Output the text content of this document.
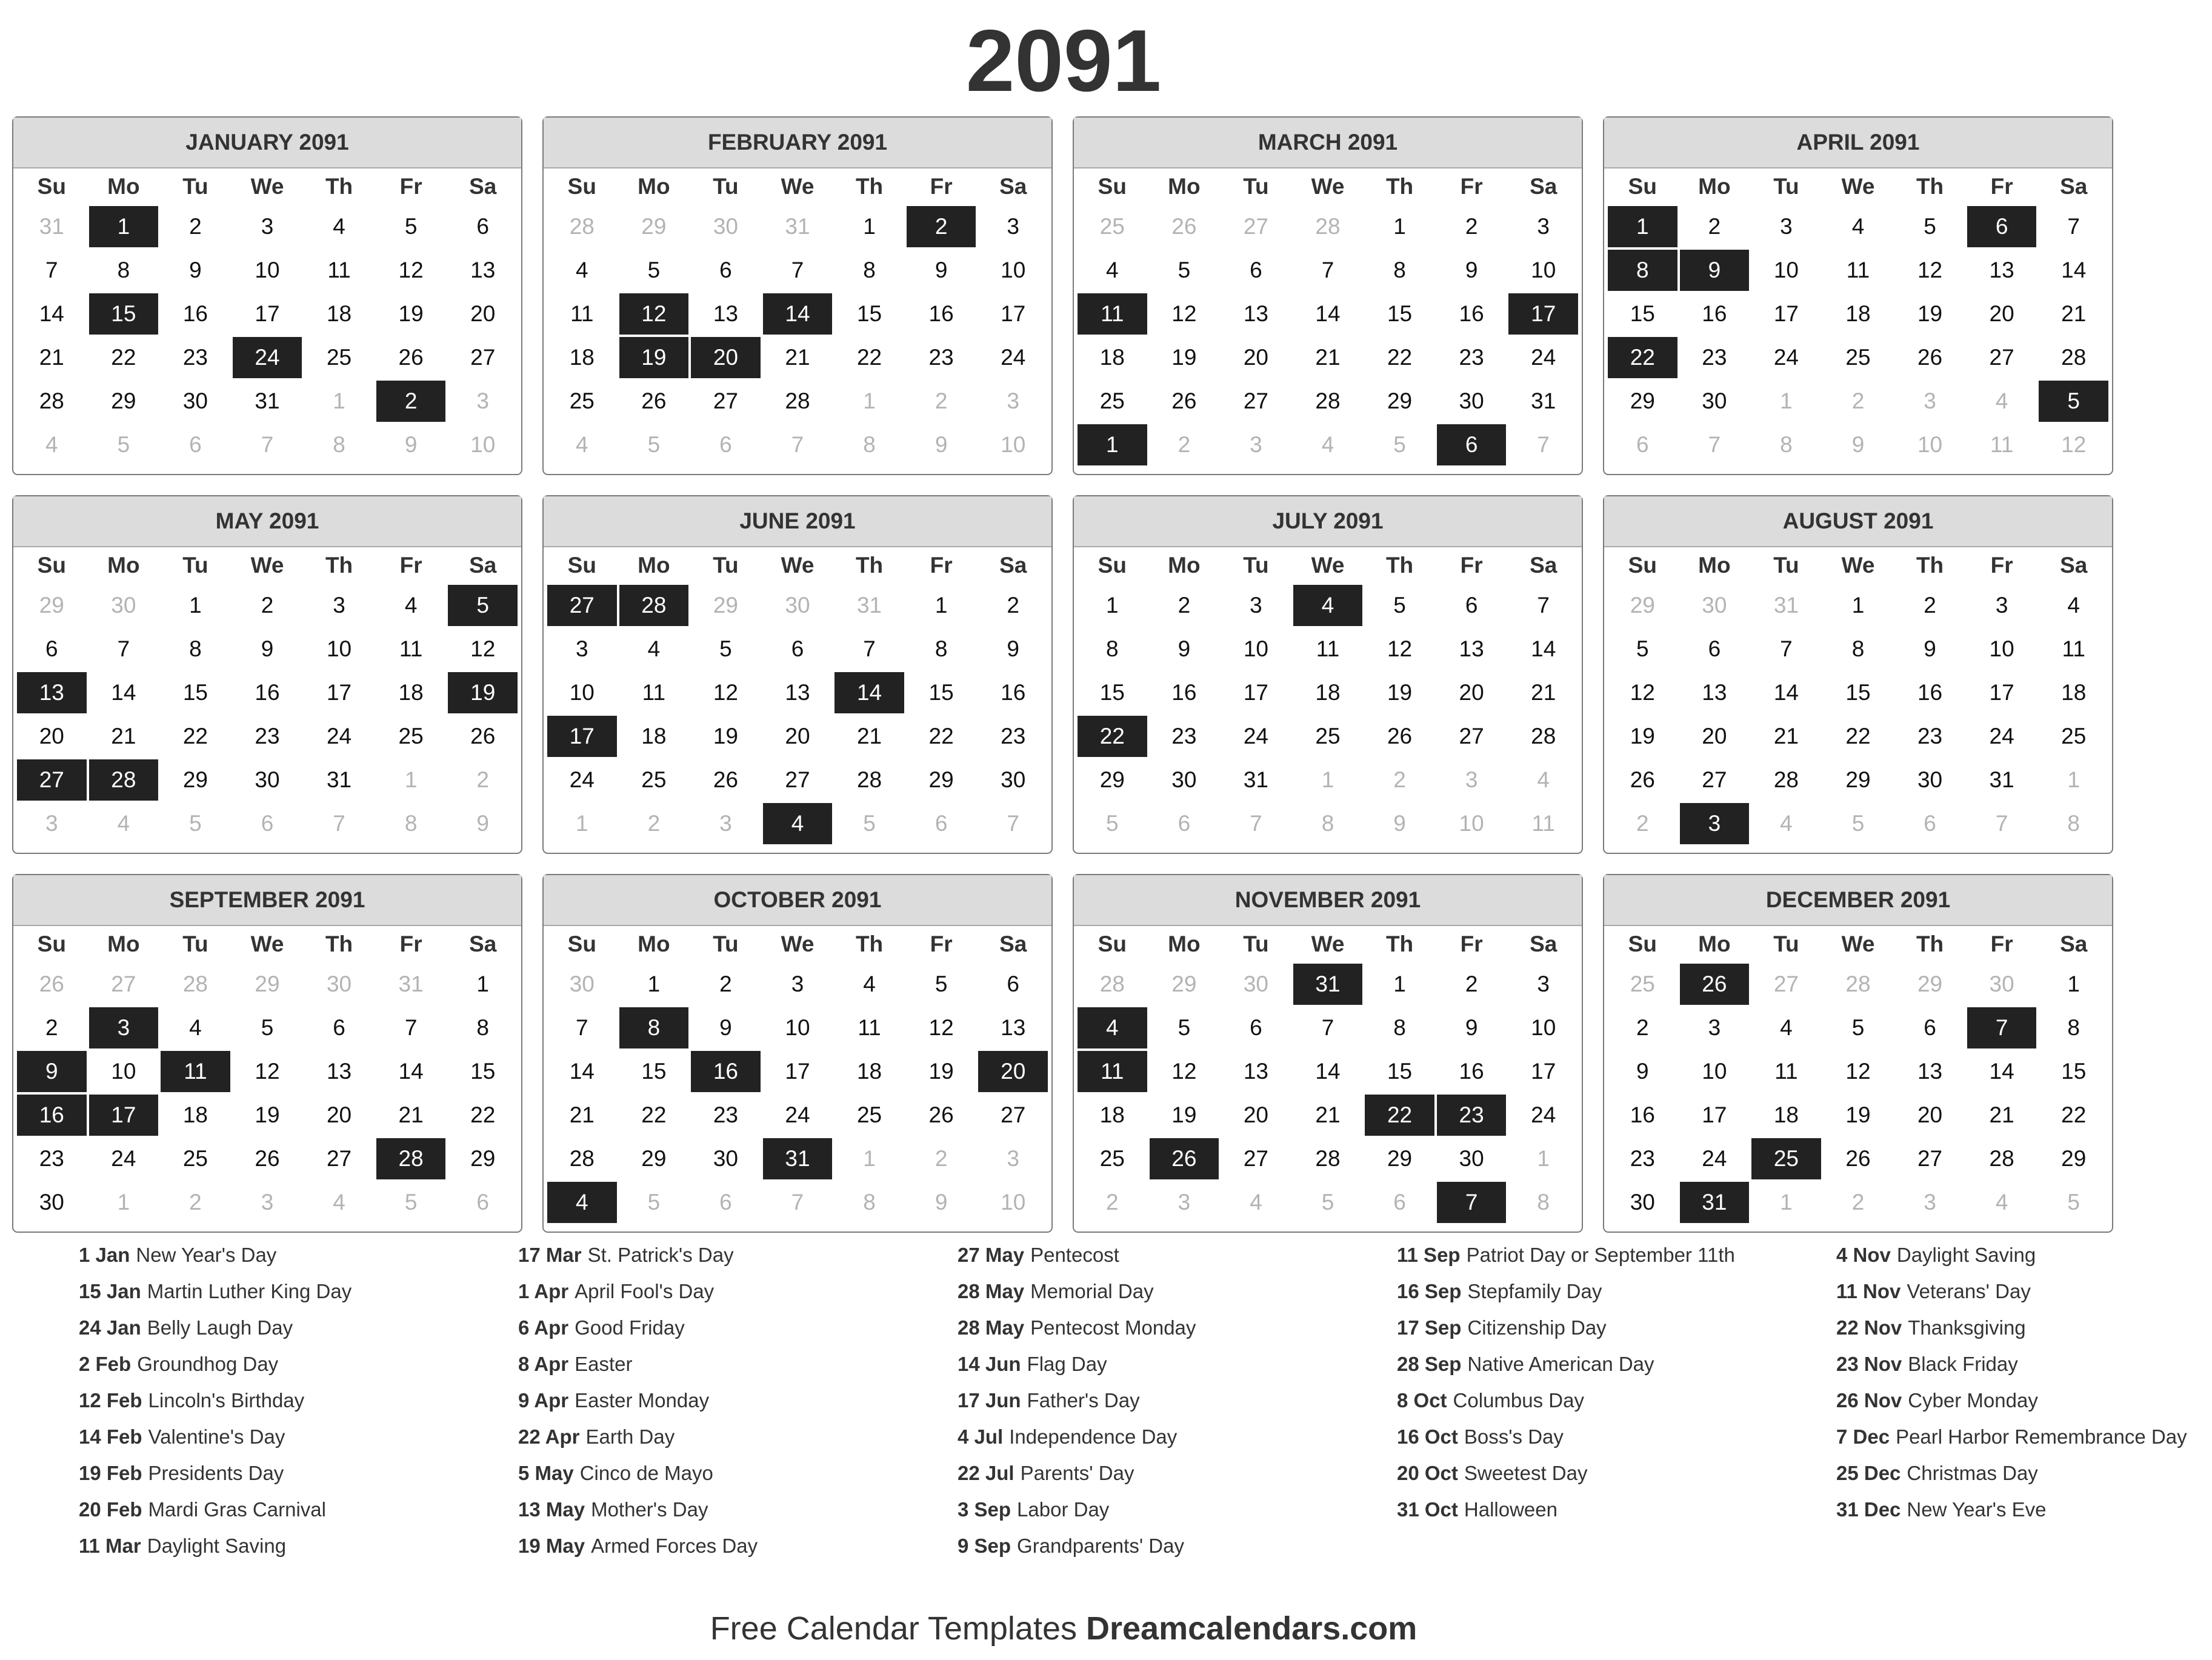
2091
JANUARY 2091
Su	Mo	Tu	We	Th	Fr	Sa
31	1	2	3	4	5	6
7	8	9	10	11	12	13
14	15	16	17	18	19	20
21	22	23	24	25	26	27
28	29	30	31	1	2	3
4	5	6	7	8	9	10
FEBRUARY 2091
Su	Mo	Tu	We	Th	Fr	Sa
28	29	30	31	1	2	3
4	5	6	7	8	9	10
11	12	13	14	15	16	17
18	19	20	21	22	23	24
25	26	27	28	1	2	3
4	5	6	7	8	9	10
MARCH 2091
Su	Mo	Tu	We	Th	Fr	Sa
25	26	27	28	1	2	3
4	5	6	7	8	9	10
11	12	13	14	15	16	17
18	19	20	21	22	23	24
25	26	27	28	29	30	31
1	2	3	4	5	6	7
APRIL 2091
Su	Mo	Tu	We	Th	Fr	Sa
1	2	3	4	5	6	7
8	9	10	11	12	13	14
15	16	17	18	19	20	21
22	23	24	25	26	27	28
29	30	1	2	3	4	5
6	7	8	9	10	11	12
MAY 2091
Su	Mo	Tu	We	Th	Fr	Sa
29	30	1	2	3	4	5
6	7	8	9	10	11	12
13	14	15	16	17	18	19
20	21	22	23	24	25	26
27	28	29	30	31	1	2
3	4	5	6	7	8	9
JUNE 2091
Su	Mo	Tu	We	Th	Fr	Sa
27	28	29	30	31	1	2
3	4	5	6	7	8	9
10	11	12	13	14	15	16
17	18	19	20	21	22	23
24	25	26	27	28	29	30
1	2	3	4	5	6	7
JULY 2091
Su	Mo	Tu	We	Th	Fr	Sa
1	2	3	4	5	6	7
8	9	10	11	12	13	14
15	16	17	18	19	20	21
22	23	24	25	26	27	28
29	30	31	1	2	3	4
5	6	7	8	9	10	11
AUGUST 2091
Su	Mo	Tu	We	Th	Fr	Sa
29	30	31	1	2	3	4
5	6	7	8	9	10	11
12	13	14	15	16	17	18
19	20	21	22	23	24	25
26	27	28	29	30	31	1
2	3	4	5	6	7	8
SEPTEMBER 2091
Su	Mo	Tu	We	Th	Fr	Sa
26	27	28	29	30	31	1
2	3	4	5	6	7	8
9	10	11	12	13	14	15
16	17	18	19	20	21	22
23	24	25	26	27	28	29
30	1	2	3	4	5	6
OCTOBER 2091
Su	Mo	Tu	We	Th	Fr	Sa
30	1	2	3	4	5	6
7	8	9	10	11	12	13
14	15	16	17	18	19	20
21	22	23	24	25	26	27
28	29	30	31	1	2	3
4	5	6	7	8	9	10
NOVEMBER 2091
Su	Mo	Tu	We	Th	Fr	Sa
28	29	30	31	1	2	3
4	5	6	7	8	9	10
11	12	13	14	15	16	17
18	19	20	21	22	23	24
25	26	27	28	29	30	1
2	3	4	5	6	7	8
DECEMBER 2091
Su	Mo	Tu	We	Th	Fr	Sa
25	26	27	28	29	30	1
2	3	4	5	6	7	8
9	10	11	12	13	14	15
16	17	18	19	20	21	22
23	24	25	26	27	28	29
30	31	1	2	3	4	5
1 Jan New Year's Day
15 Jan Martin Luther King Day
24 Jan Belly Laugh Day
2 Feb Groundhog Day
12 Feb Lincoln's Birthday
14 Feb Valentine's Day
19 Feb Presidents Day
20 Feb Mardi Gras Carnival
11 Mar Daylight Saving
17 Mar St. Patrick's Day
1 Apr April Fool's Day
6 Apr Good Friday
8 Apr Easter
9 Apr Easter Monday
22 Apr Earth Day
5 May Cinco de Mayo
13 May Mother's Day
19 May Armed Forces Day
27 May Pentecost
28 May Memorial Day
28 May Pentecost Monday
14 Jun Flag Day
17 Jun Father's Day
4 Jul Independence Day
22 Jul Parents' Day
3 Sep Labor Day
9 Sep Grandparents' Day
11 Sep Patriot Day or September 11th
16 Sep Stepfamily Day
17 Sep Citizenship Day
28 Sep Native American Day
8 Oct Columbus Day
16 Oct Boss's Day
20 Oct Sweetest Day
31 Oct Halloween
4 Nov Daylight Saving
11 Nov Veterans' Day
22 Nov Thanksgiving
23 Nov Black Friday
26 Nov Cyber Monday
7 Dec Pearl Harbor Remembrance Day
25 Dec Christmas Day
31 Dec New Year's Eve
Free Calendar Templates Dreamcalendars.com
